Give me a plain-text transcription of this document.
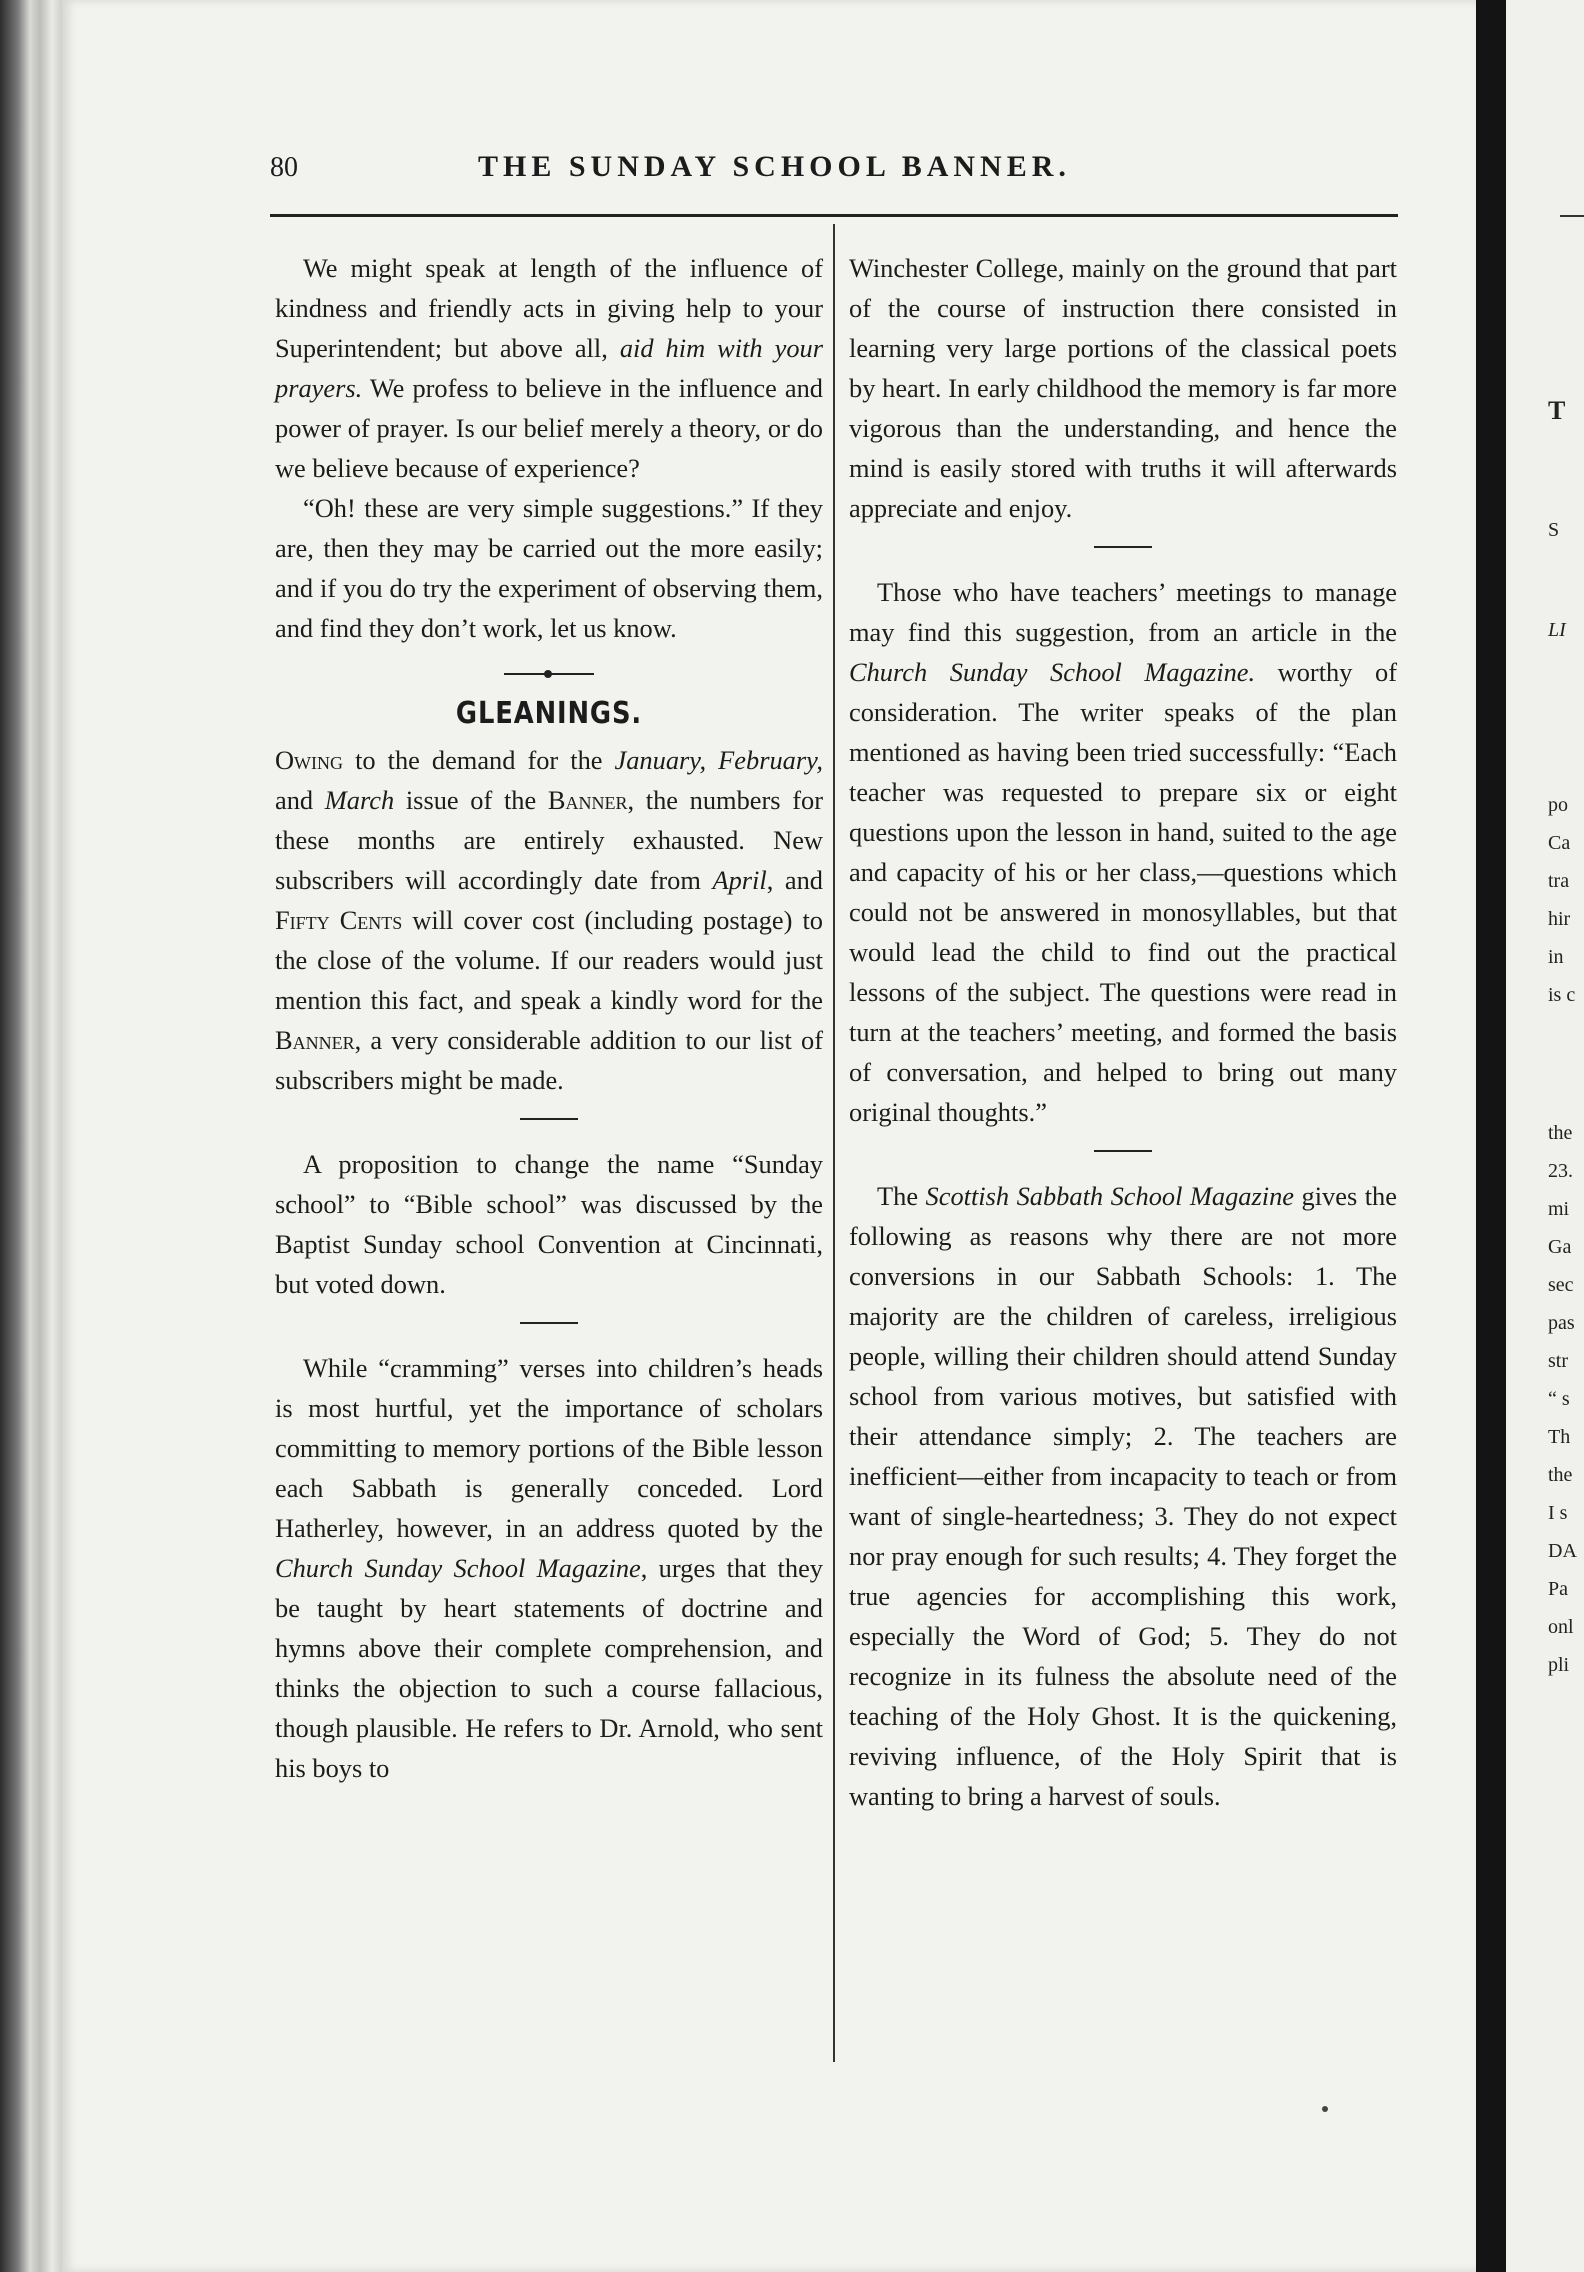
80	THE SUNDAY SCHOOL BANNER.

We might speak at length of the influence of kindness and friendly acts in giving help to your Superintendent; but above all, aid him with your prayers. We profess to believe in the influence and power of prayer. Is our belief merely a theory, or do we believe because of experience?

“Oh! these are very simple suggestions.” If they are, then they may be carried out the more easily; and if you do try the experiment of observing them, and find they don’t work, let us know.

GLEANINGS.

Owing to the demand for the January, February, and March issue of the Banner, the numbers for these months are entirely exhausted. New subscribers will accordingly date from April, and Fifty Cents will cover cost (including postage) to the close of the volume. If our readers would just mention this fact, and speak a kindly word for the Banner, a very considerable addition to our list of subscribers might be made.

A proposition to change the name “Sunday school” to “Bible school” was discussed by the Baptist Sunday school Convention at Cincinnati, but voted down.

While “cramming” verses into children’s heads is most hurtful, yet the importance of scholars committing to memory portions of the Bible lesson each Sabbath is generally conceded. Lord Hatherley, however, in an address quoted by the Church Sunday School Magazine, urges that they be taught by heart statements of doctrine and hymns above their complete comprehension, and thinks the objection to such a course fallacious, though plausible. He refers to Dr. Arnold, who sent his boys to

Winchester College, mainly on the ground that part of the course of instruction there consisted in learning very large portions of the classical poets by heart. In early childhood the memory is far more vigorous than the understanding, and hence the mind is easily stored with truths it will afterwards appreciate and enjoy.

Those who have teachers’ meetings to manage may find this suggestion, from an article in the Church Sunday School Magazine. worthy of consideration. The writer speaks of the plan mentioned as having been tried successfully: “Each teacher was requested to prepare six or eight questions upon the lesson in hand, suited to the age and capacity of his or her class,—questions which could not be answered in monosyllables, but that would lead the child to find out the practical lessons of the subject. The questions were read in turn at the teachers’ meeting, and formed the basis of conversation, and helped to bring out many original thoughts.”

The Scottish Sabbath School Magazine gives the following as reasons why there are not more conversions in our Sabbath Schools: 1. The majority are the children of careless, irreligious people, willing their children should attend Sunday school from various motives, but satisfied with their attendance simply; 2. The teachers are inefficient—either from incapacity to teach or from want of single-heartedness; 3. They do not expect nor pray enough for such results; 4. They forget the true agencies for accomplishing this work, especially the Word of God; 5. They do not recognize in its fulness the absolute need of the teaching of the Holy Ghost. It is the quickening, reviving influence, of the Holy Spirit that is wanting to bring a harvest of souls.

T
S
LI
po
Ca
tra
hir
in
is c
the
23.
mi
Ga
sec
pas
str
“ s
Th
the
I s
DA
Pa
onl
pli
